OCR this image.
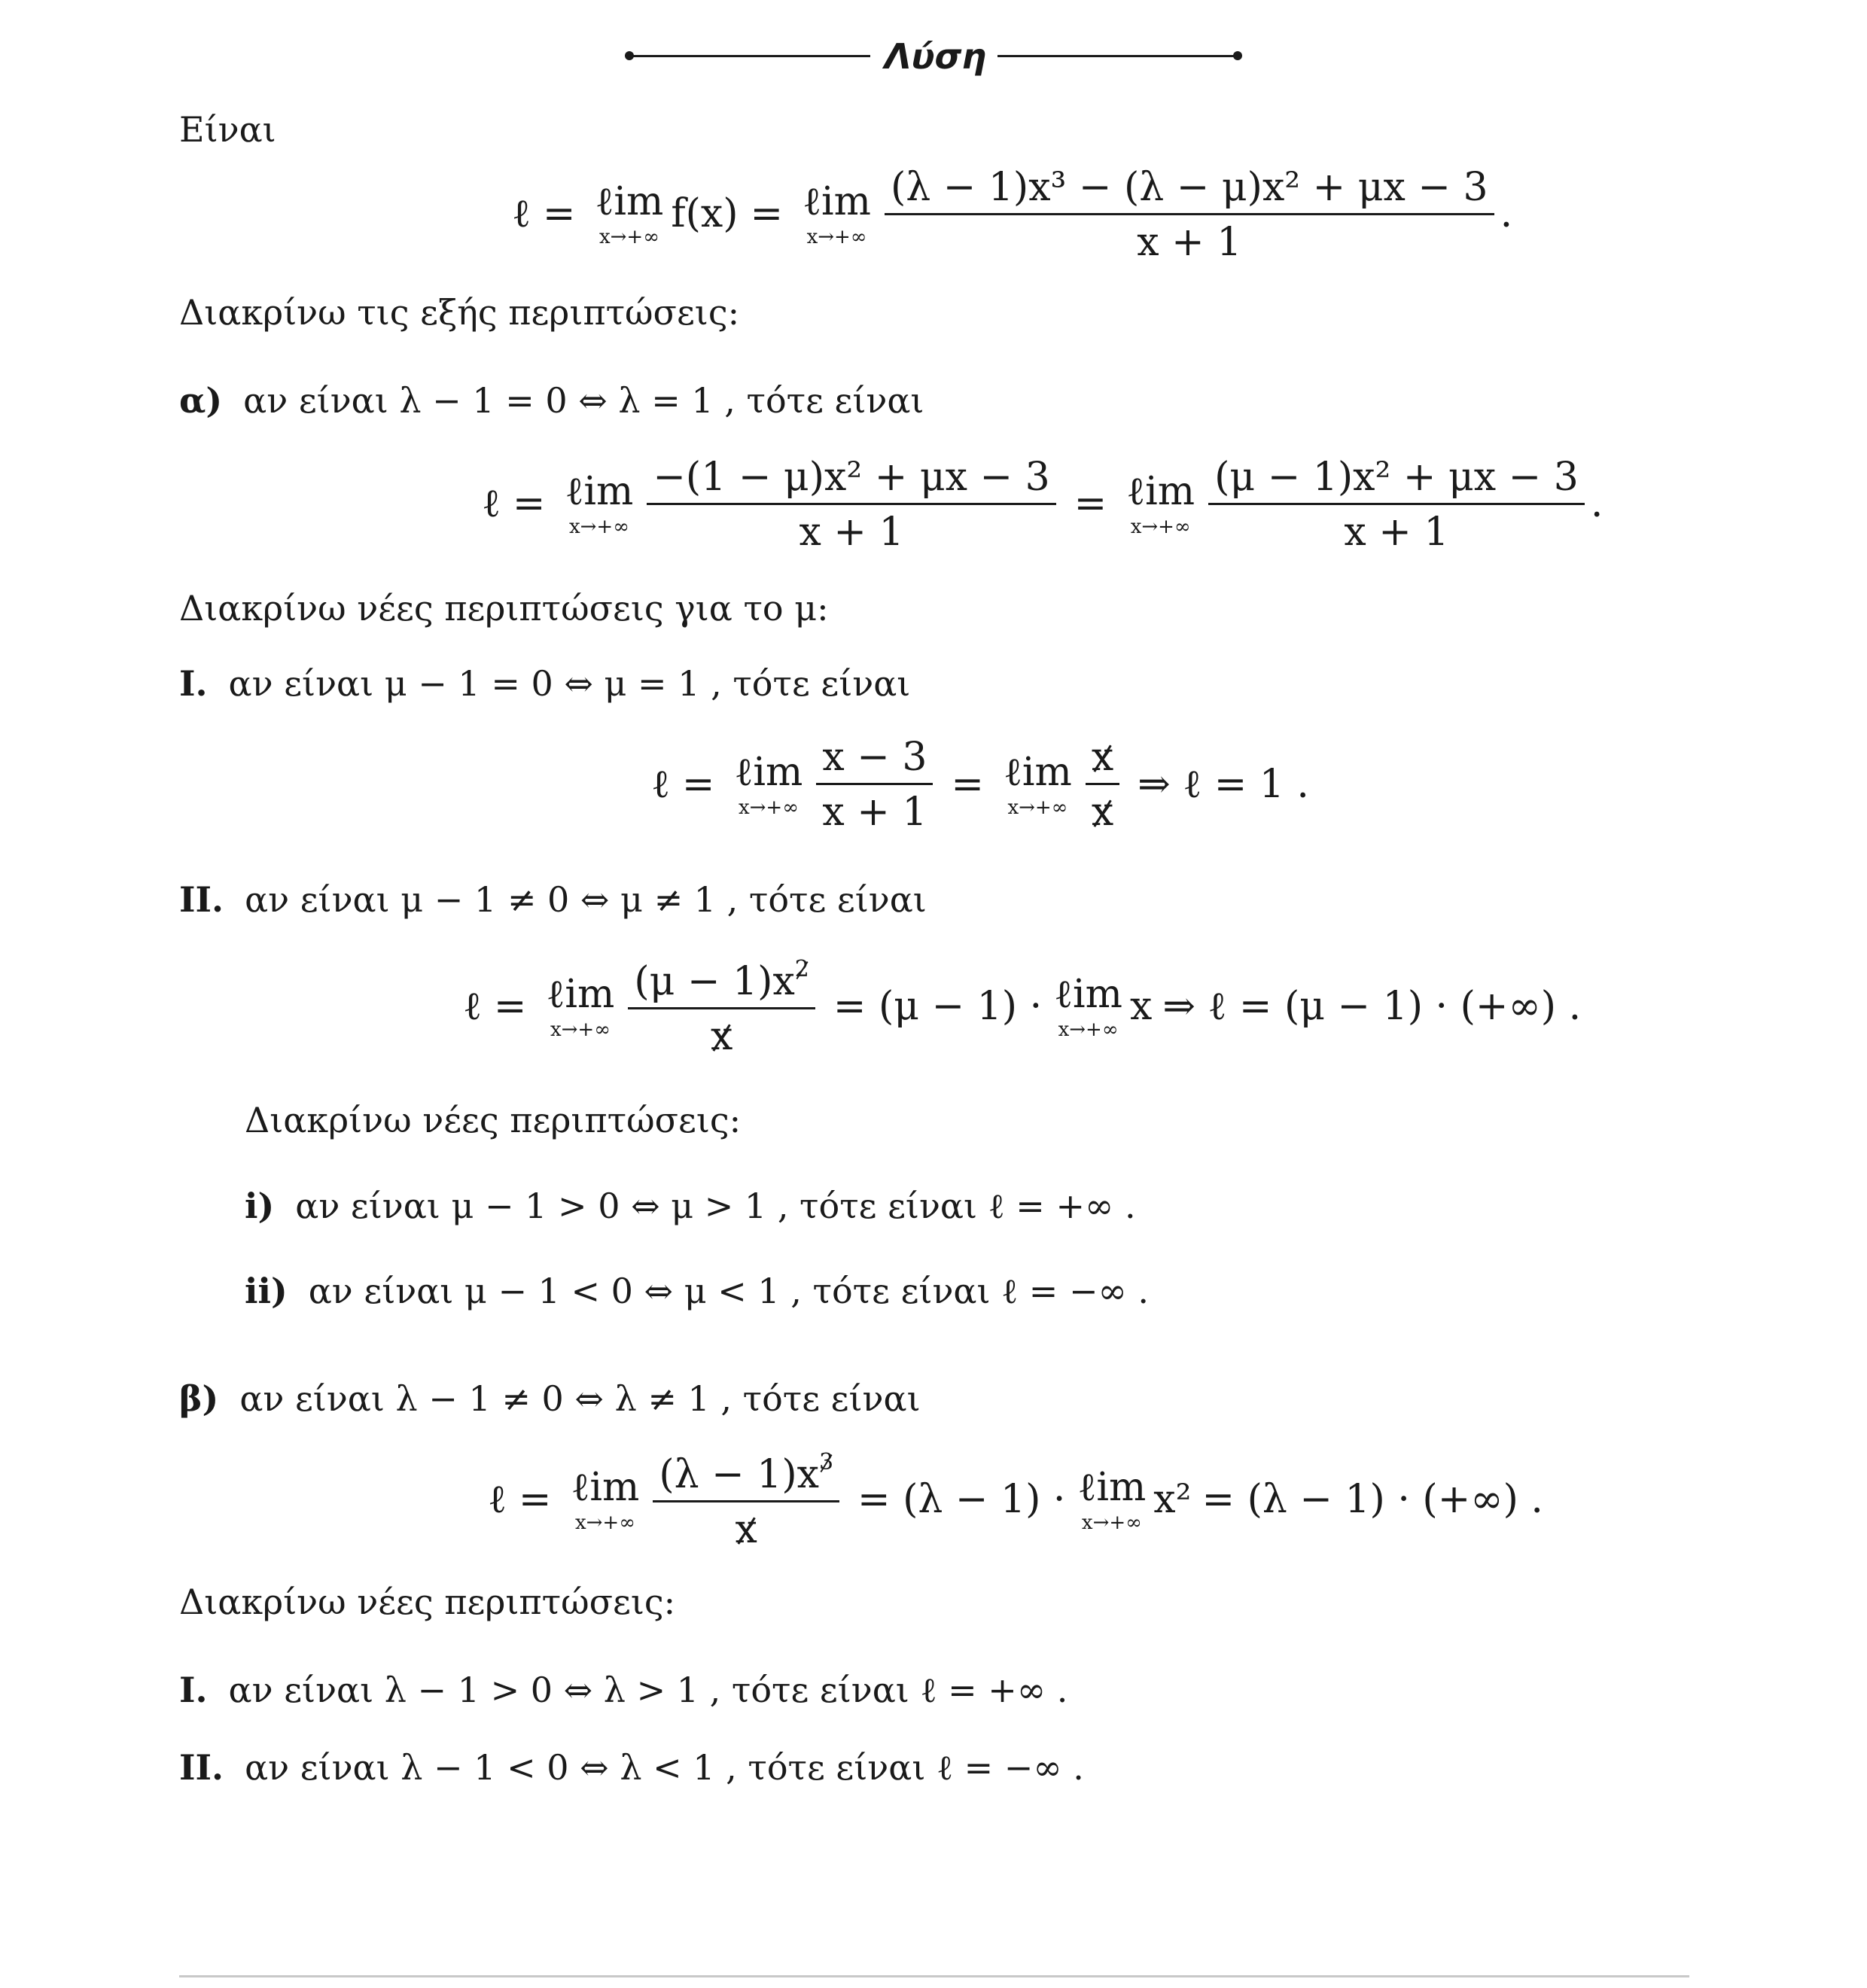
Λύση
Είναι
ℓ = ℓim
x→+∞
f(x) = ℓim
$x\to+\infty \frac{\text{(λ − 1)x³ − (λ − μ)x² + μx − 3}}{x + 1}$ .
Διακρίνω τις εξής περιπτώσεις:
α) αν είναι λ − 1 = 0 ⇔ λ = 1 , τότε είναι
ℓ = ℓim
$x\to+\infty \frac{\text{−(1 − μ)x² + μx − 3}}{x + 1}$ = ℓim
$x\to+\infty \frac{\text{(μ − 1)x² + μx − 3}}{x + 1}$ .
Διακρίνω νέες περιπτώσεις για το μ:
I. αν είναι μ − 1 = 0 ⇔ μ = 1 , τότε είναι
ℓ = ℓim
$x\to+\infty \frac{x - 3}{x + 1}$ = ℓim
$x\to+\infty \frac{x}{x}$ ⇒ ℓ = 1 .
II. αν είναι μ − 1 ≠ 0 ⇔ μ ≠ 1 , τότε είναι
ℓ = ℓim
$x\to+\infty \frac{(\mu - 1)x2}{x} = (\mu - 1)$ · ℓim
x→+∞
x ⇒ ℓ = (μ − 1) · (+∞) .
Διακρίνω νέες περιπτώσεις:
i) αν είναι μ − 1 > 0 ⇔ μ > 1 , τότε είναι ℓ = +∞ .
ii) αν είναι μ − 1 < 0 ⇔ μ < 1 , τότε είναι ℓ = −∞ .
β) αν είναι λ − 1 ≠ 0 ⇔ λ ≠ 1 , τότε είναι
ℓ = ℓim
$x\to+\infty \frac{(\lambda - 1)x3}{x} = (\lambda - 1)$ · ℓim
x→+∞
x² = (λ − 1) · (+∞) .
Διακρίνω νέες περιπτώσεις:
I. αν είναι λ − 1 > 0 ⇔ λ > 1 , τότε είναι ℓ = +∞ .
II. αν είναι λ − 1 < 0 ⇔ λ < 1 , τότε είναι ℓ = −∞ .
